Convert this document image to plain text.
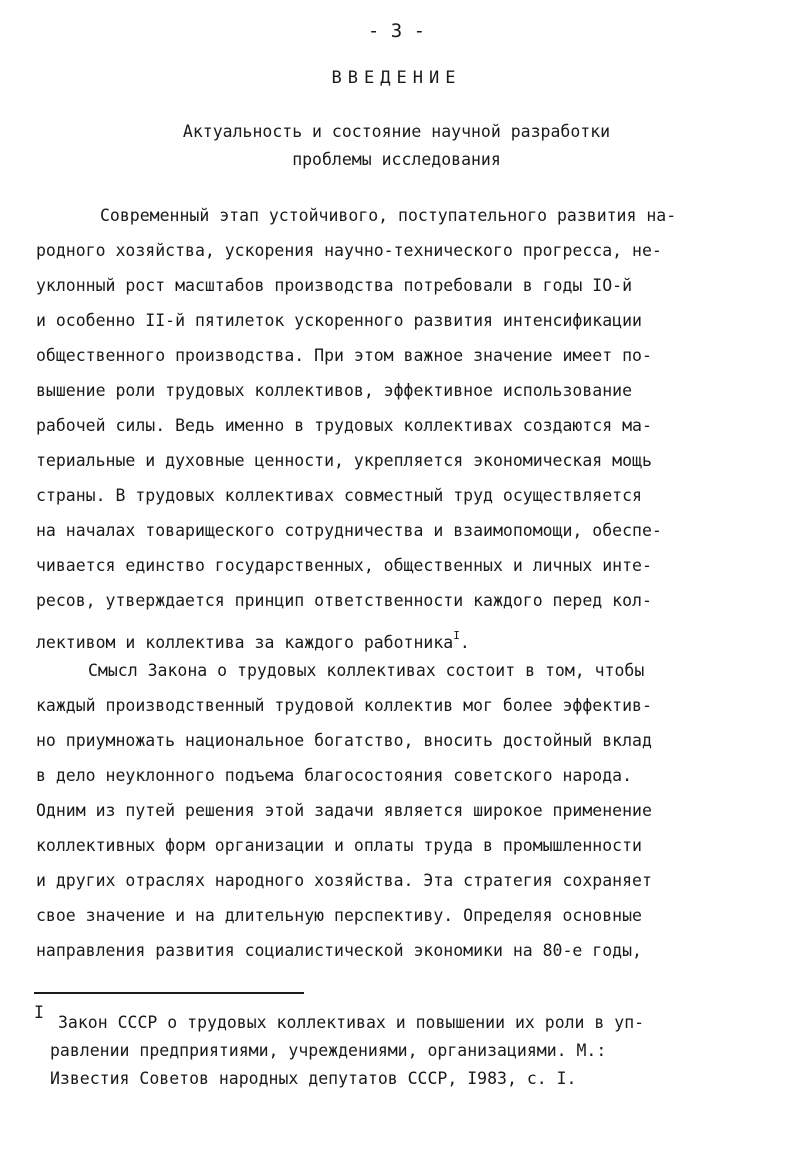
- 3 -
ВВЕДЕНИЕ
Актуальность и состояние научной разработки
проблемы исследования
Современный этап устойчивого, поступательного развития на-
родного хозяйства, ускорения научно-технического прогресса, не-
уклонный рост масштабов производства потребовали в годы IO-й
и особенно II-й пятилеток ускоренного развития интенсификации
общественного производства. При этом важное значение имеет по-
вышение роли трудовых коллективов, эффективное использование
рабочей силы. Ведь именно в трудовых коллективах создаются ма-
териальные и духовные ценности, укрепляется экономическая мощь
страны. В трудовых коллективах совместный труд осуществляется
на началах товарищеского сотрудничества и взаимопомощи, обеспе-
чивается единство государственных, общественных и личных инте-
ресов, утверждается принцип ответственности каждого перед кол-
лективом и коллектива за каждого работника$^I$.
Смысл Закона о трудовых коллективах состоит в том, чтобы
каждый производственный трудовой коллектив мог более эффектив-
но приумножать национальное богатство, вносить достойный вклад
в дело неуклонного подъема благосостояния советского народа.
Одним из путей решения этой задачи является широкое применение
коллективных форм организации и оплаты труда в промышленности
и других отраслях народного хозяйства. Эта стратегия сохраняет
свое значение и на длительную перспективу. Определяя основные
направления развития социалистической экономики на 80-е годы,
I
Закон СССР о трудовых коллективах и повышении их роли в уп-
равлении предприятиями, учреждениями, организациями. М.:
Известия Советов народных депутатов СССР, I983, с. I.
